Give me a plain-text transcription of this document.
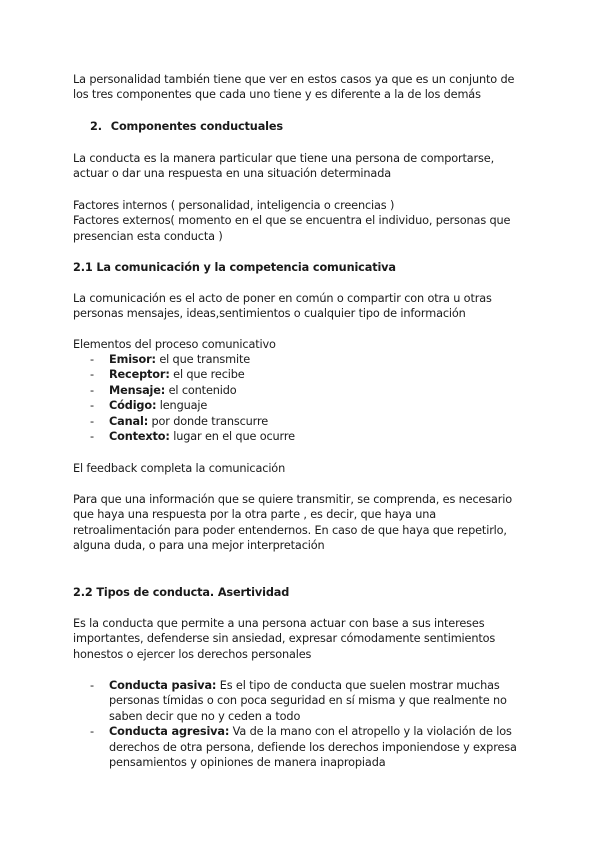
La personalidad también tiene que ver en estos casos ya que es un conjunto de
los tres componentes que cada uno tiene y es diferente a la de los demás

2. Componentes conductuales

La conducta es la manera particular que tiene una persona de comportarse,
actuar o dar una respuesta en una situación determinada

Factores internos ( personalidad, inteligencia o creencias )
Factores externos( momento en el que se encuentra el individuo, personas que
presencian esta conducta )

2.1 La comunicación y la competencia comunicativa

La comunicación es el acto de poner en común o compartir con otra u otras
personas mensajes, ideas,sentimientos o cualquier tipo de información

Elementos del proceso comunicativo

- Emisor: el que transmite
- Receptor: el que recibe
- Mensaje: el contenido
- Código: lenguaje
- Canal: por donde transcurre
- Contexto: lugar en el que ocurre

El feedback completa la comunicación

Para que una información que se quiere transmitir, se comprenda, es necesario
que haya una respuesta por la otra parte , es decir, que haya una
retroalimentación para poder entendernos. En caso de que haya que repetirlo,
alguna duda, o para una mejor interpretación

2.2 Tipos de conducta. Asertividad

Es la conducta que permite a una persona actuar con base a sus intereses
importantes, defenderse sin ansiedad, expresar cómodamente sentimientos
honestos o ejercer los derechos personales

- Conducta pasiva: Es el tipo de conducta que suelen mostrar muchas
personas tímidas o con poca seguridad en sí misma y que realmente no
saben decir que no y ceden a todo
- Conducta agresiva: Va de la mano con el atropello y la violación de los
derechos de otra persona, defiende los derechos imponiendose y expresa
pensamientos y opiniones de manera inapropiada
